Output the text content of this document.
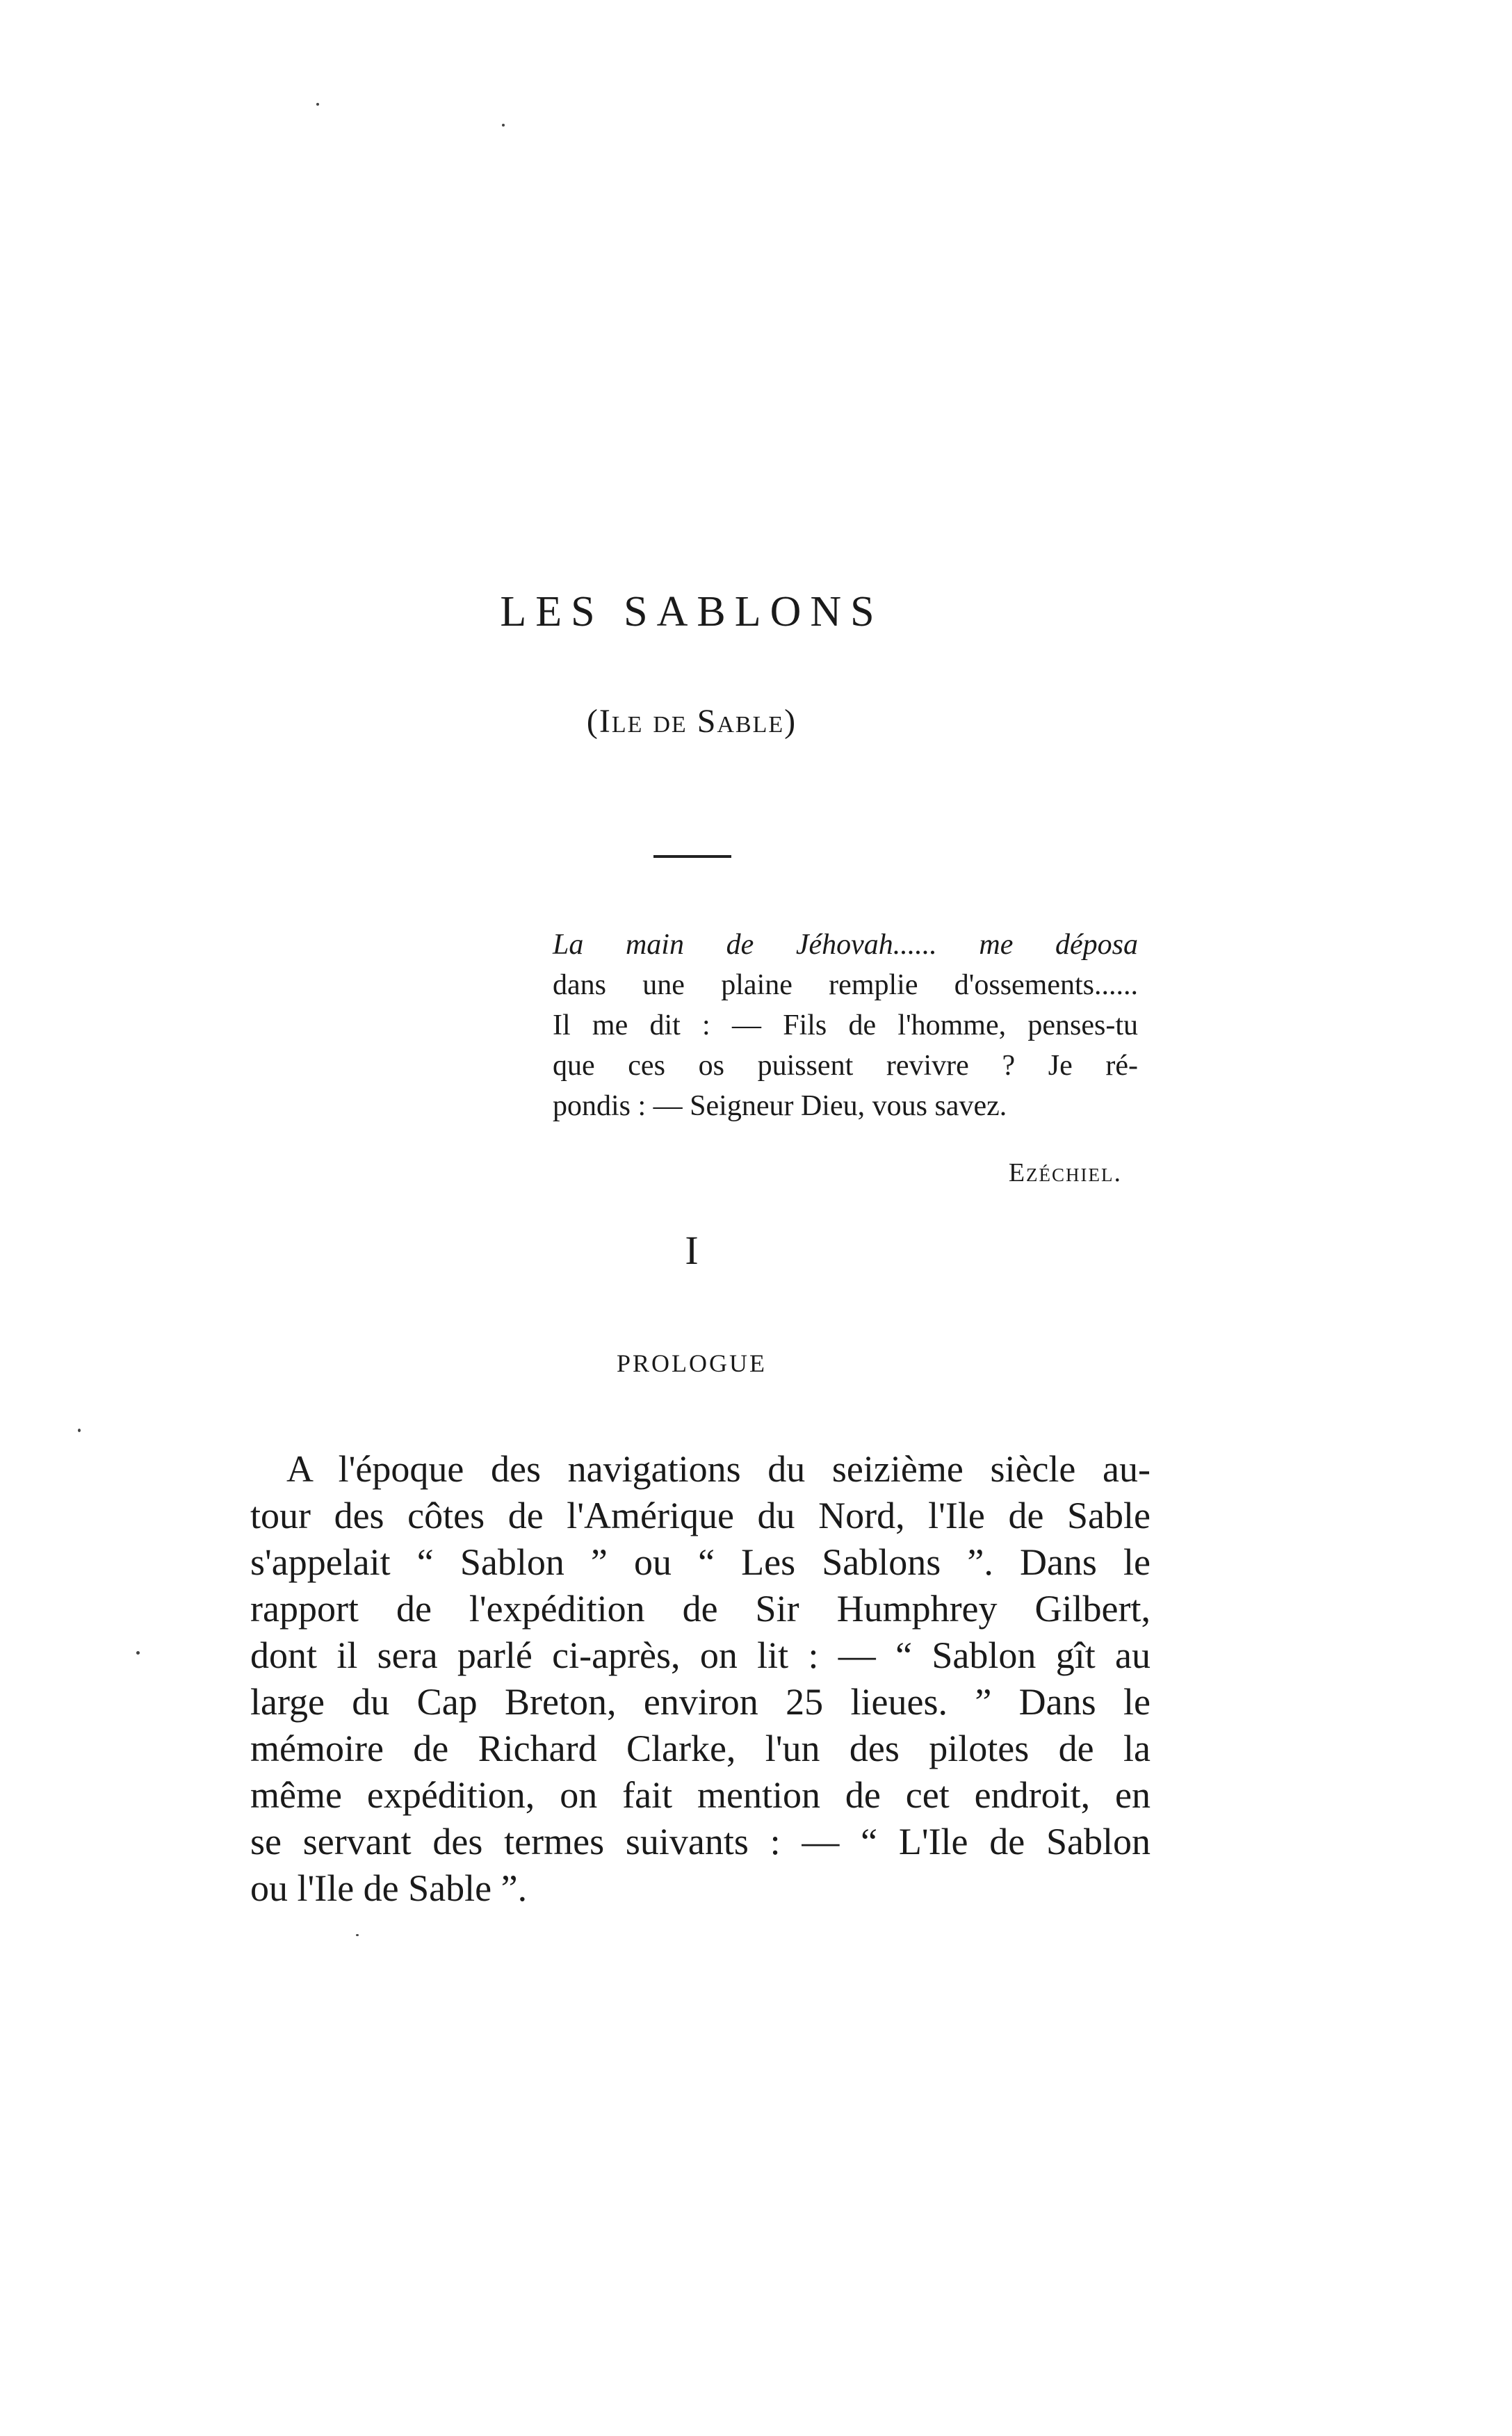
LES SABLONS
(Ile de Sable)
La main de Jéhovah...... me déposa
dans une plaine remplie d'ossements......
Il me dit : — Fils de l'homme, penses-tu
que ces os puissent revivre ? Je ré-
pondis : — Seigneur Dieu, vous savez.
Ezéchiel.
I
PROLOGUE
A l'époque des navigations du seizième siècle au-
tour des côtes de l'Amérique du Nord, l'Ile de Sable
s'appelait “ Sablon ” ou “ Les Sablons ”. Dans le
rapport de l'expédition de Sir Humphrey Gilbert,
dont il sera parlé ci-après, on lit : — “ Sablon gît au
large du Cap Breton, environ 25 lieues. ” Dans le
mémoire de Richard Clarke, l'un des pilotes de la
même expédition, on fait mention de cet endroit, en
se servant des termes suivants : — “ L'Ile de Sablon
ou l'Ile de Sable ”.
